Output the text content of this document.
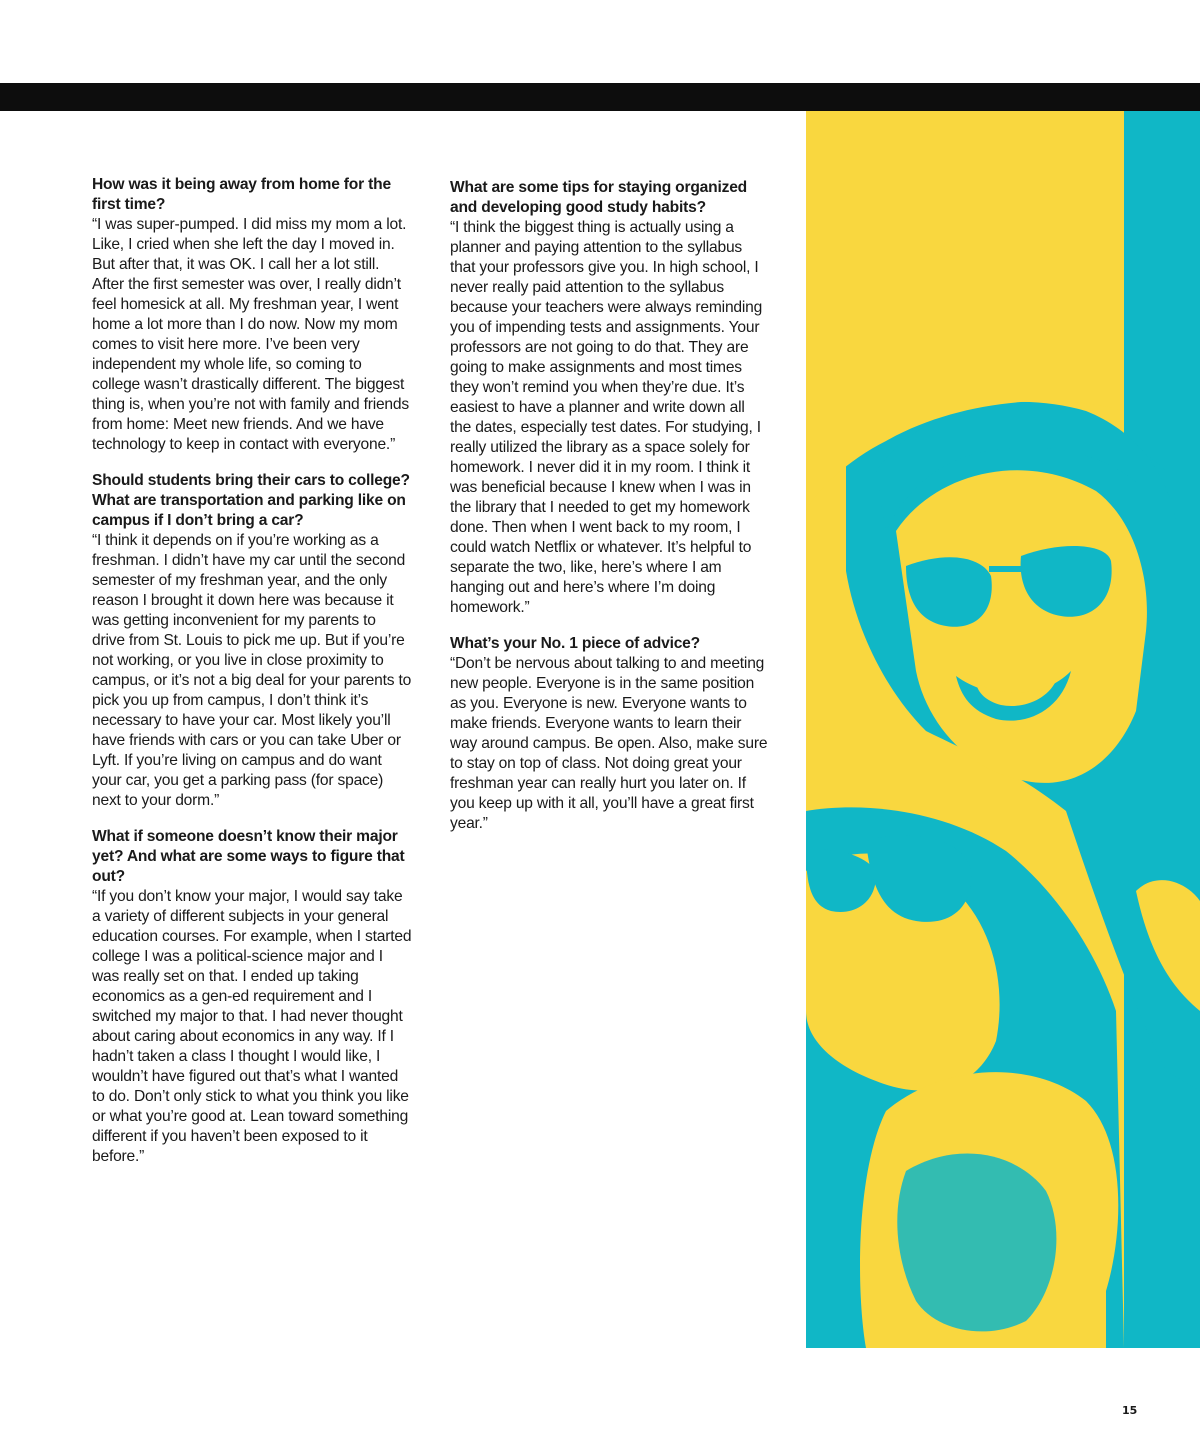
How was it being away from home for the first time?

“I was super-pumped. I did miss my mom a lot. Like, I cried when she left the day I moved in. But after that, it was OK. I call her a lot still. After the first semester was over, I really didn’t feel homesick at all. My freshman year, I went home a lot more than I do now. Now my mom comes to visit here more. I’ve been very independent my whole life, so coming to college wasn’t drastically different. The biggest thing is, when you’re not with family and friends from home: Meet new friends. And we have technology to keep in contact with everyone.”

Should students bring their cars to college? What are transportation and parking like on campus if I don’t bring a car?

“I think it depends on if you’re working as a freshman. I didn’t have my car until the second semester of my freshman year, and the only reason I brought it down here was because it was getting inconvenient for my parents to drive from St. Louis to pick me up. But if you’re not working, or you live in close proximity to campus, or it’s not a big deal for your parents to pick you up from campus, I don’t think it’s necessary to have your car. Most likely you’ll have friends with cars or you can take Uber or Lyft. If you’re living on campus and do want your car, you get a parking pass (for space) next to your dorm.”

What if someone doesn’t know their major yet? And what are some ways to figure that out?

“If you don’t know your major, I would say take a variety of different subjects in your general education courses. For example, when I started college I was a political-science major and I was really set on that. I ended up taking economics as a gen-ed requirement and I switched my major to that. I had never thought about caring about economics in any way. If I hadn’t taken a class I thought I would like, I wouldn’t have figured out that’s what I wanted to do. Don’t only stick to what you think you like or what you’re good at. Lean toward something different if you haven’t been exposed to it before.”

What are some tips for staying organized and developing good study habits?

“I think the biggest thing is actually using a planner and paying attention to the syllabus that your professors give you. In high school, I never really paid attention to the syllabus because your teachers were always reminding you of impending tests and assignments. Your professors are not going to do that. They are going to make assignments and most times they won’t remind you when they’re due. It’s easiest to have a planner and write down all the dates, especially test dates. For studying, I really utilized the library as a space solely for homework. I never did it in my room. I think it was beneficial because I knew when I was in the library that I needed to get my homework done. Then when I went back to my room, I could watch Netflix or whatever. It’s helpful to separate the two, like, here’s where I am hanging out and here’s where I’m doing homework.”

What’s your No. 1 piece of advice?

“Don’t be nervous about talking to and meeting new people. Everyone is in the same position as you. Everyone is new. Everyone wants to make friends. Everyone wants to learn their way around campus. Be open. Also, make sure to stay on top of class. Not doing great your freshman year can really hurt you later on. If you keep up with it all, you’ll have a great first year.”

15
